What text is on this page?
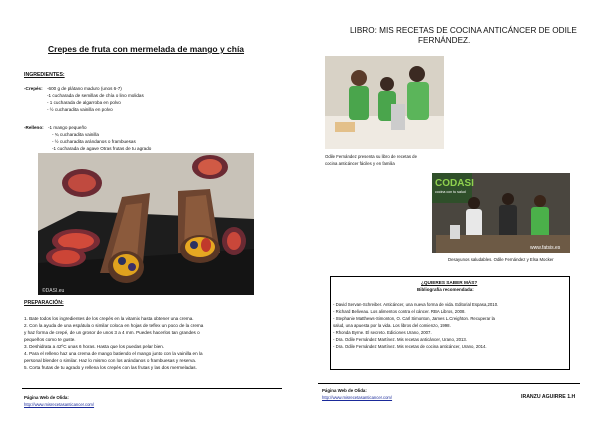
Crepes de fruta con mermelada de mango y chía
INGREDIENTES:
-Crepés: -600 g de plátano maduro (unos 6-7)
-1 cucharada de semillas de chía o lino molidas
- 1 cucharada de algarroba en polvo
- ½ cucharadita vainilla en polvo
-Relleno: -1 mango pequeño
- ¾ cucharadita vainilla
- ½ cucharadita arándanos o frambuesas
-1 cucharada de agave Otras frutas de tu agrado
©DASI.eu
PREPARACIÓN:
1. Bate todos los ingredientes de los crepés en la vitamix hasta obtener una crema.
2. Con la ayuda de una espátula o similar coloca en hojas de teflex un poco de la crema
y haz forma de crepé, de un grosor de unos 3 a 4 mm. Puedes hacerlos tan grandes o
pequeños como te guste.
3. Deshidrata a 42ºC unas 6 horas. Hasta que los puedas pelar bien.
4. Para el relleno haz una crema de mango batiendo el mango junto con la vainilla en la
personal blender o similar. Haz lo mismo con los arándanos o frambuesas y reserva.
5. Corta frutas de tu agrado y rellena los crepés con las frutas y las dos mermeladas.
Página Web de Olida:
http://www.misrecetasanticancer.com/
LIBRO: MIS RECETAS DE COCINA ANTICÁNCER DE ODILE
FERNÁNDEZ.
Odile Fernández presenta su libro de recetas de
cocina anticáncer fáciles y en familia
CODASI
cocina con tu salud
www.fatsis.es
Desayunos saludables. Odile Fernández y Elsa Mocker
¿QUIERES SABER MÁS?
Bibliografía recomendada:
- David Servan-Schreiber. Anticáncer, una nueva forma de vida. Editorial Espasa,2010.
- Richard Beliveau. Los alimentos contra el cáncer. RBA Libros, 2008.
- Stephanie Matthews-Simonton, O. Carl Simonton, James L.Creighton. Recuperar la
salud, una apuesta por la vida. Los libros del comienzo, 1998.
- Rhonda Byrne. El secreto. Ediciones Urano, 2007.
- Dra. Odile Fernández Martínez. Mis recetas anticáncer, Urano, 2013.
- Dra. Odile Fernández Martínez. Mis recetas de cocina anticáncer, Urano, 2014.
Página Web de Olida:
http://www.misrecetasanticancer.com/	IRANZU AGUIRRE 1.H
